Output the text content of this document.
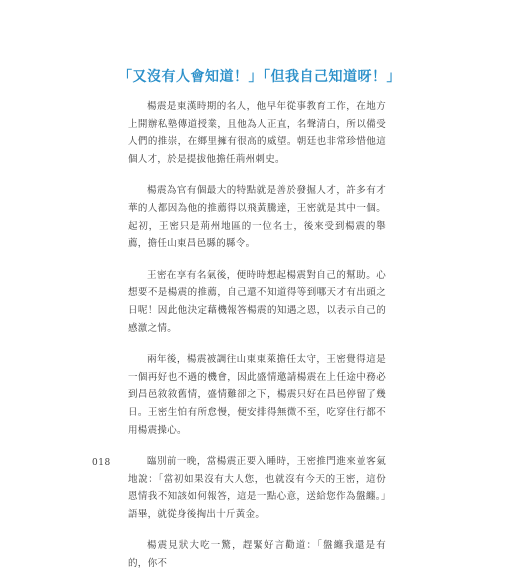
「又沒有人會知道！」「但我自己知道呀！」

楊震是東漢時期的名人，他早年從事教育工作，在地方上開辦私塾傳道授業，且他為人正直，名聲清白，所以備受人們的推崇，在鄉里擁有很高的威望。朝廷也非常珍惜他這個人才，於是提拔他擔任荊州刺史。

楊震為官有個最大的特點就是善於發掘人才，許多有才華的人都因為他的推薦得以飛黃騰達，王密就是其中一個。起初，王密只是荊州地區的一位名士，後來受到楊震的舉薦，擔任山東昌邑縣的縣令。

王密在享有名氣後，便時時想起楊震對自己的幫助。心想要不是楊震的推薦，自己還不知道得等到哪天才有出頭之日呢！因此他決定藉機報答楊震的知遇之恩，以表示自己的感激之情。

兩年後，楊震被調往山東東萊擔任太守，王密覺得這是一個再好也不過的機會，因此盛情邀請楊震在上任途中務必到昌邑敘敘舊情，盛情難卻之下，楊震只好在昌邑停留了幾日。王密生怕有所怠慢，便安排得無微不至，吃穿住行都不用楊震操心。

臨別前一晚，當楊震正要入睡時，王密推門進來並客氣地說：「當初如果沒有大人您，也就沒有今天的王密，這份恩情我不知該如何報答，這是一點心意，送給您作為盤纏。」語畢，就從身後掏出十斤黃金。

楊震見狀大吃一驚，趕緊好言勸道：「盤纏我還是有的，你不

018
